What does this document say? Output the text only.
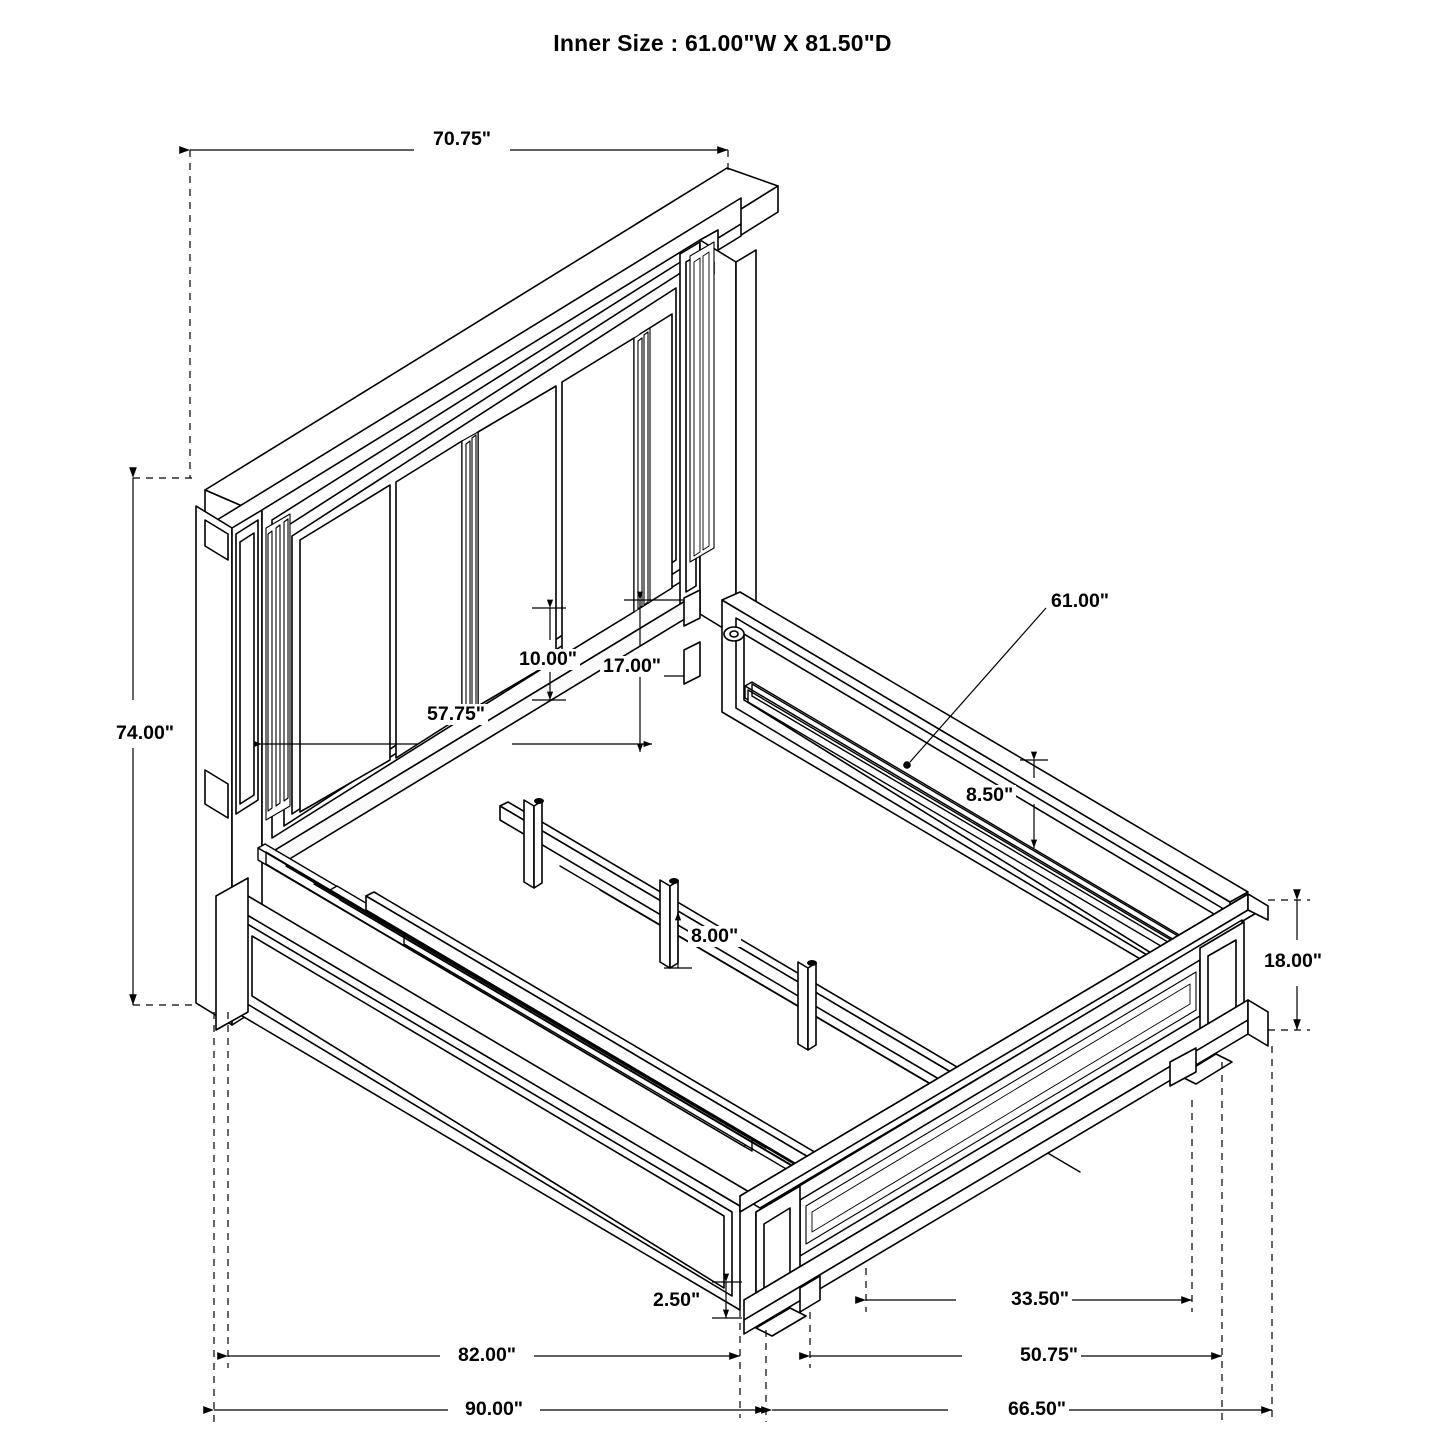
Inner Size : 61.00"W X 81.50"D
70.75"
74.00"
10.00" 17.00"
57.75"
61.00"
8.50"
8.00"
18.00"
2.50"	33.50"
82.00"	50.75"
90.00"	66.50"
